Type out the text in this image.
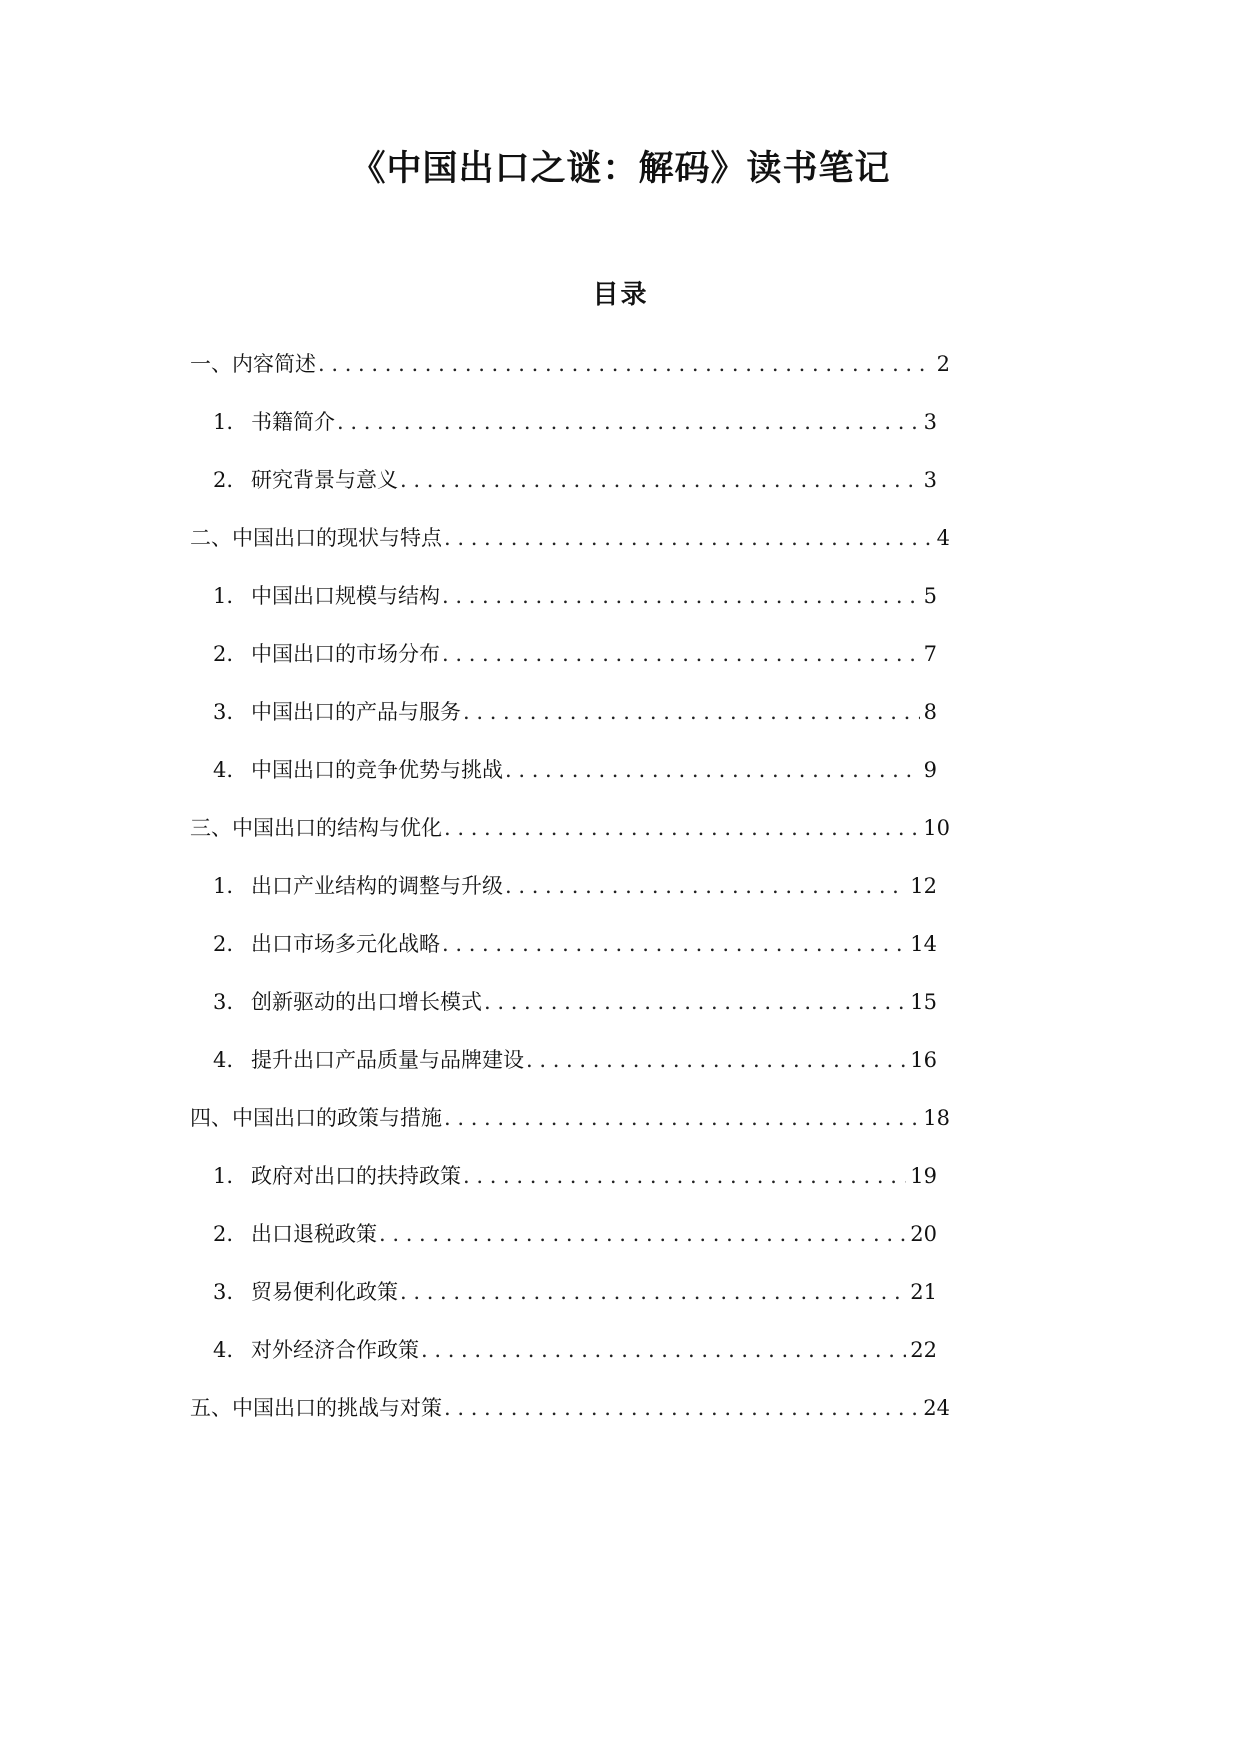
《中国出口之谜：解码》读书笔记
目录
一、内容简述 . . .	2
1. 书籍简介 . . .	3
2. 研究背景与意义 . . .	3
二、中国出口的现状与特点 . . .	4
1. 中国出口规模与结构 . . .	5
2. 中国出口的市场分布 . . .	7
3. 中国出口的产品与服务 . . .	8
4. 中国出口的竞争优势与挑战 . . .	9
三、中国出口的结构与优化 . . .	10
1. 出口产业结构的调整与升级 . . .	12
2. 出口市场多元化战略 . . .	14
3. 创新驱动的出口增长模式 . . .	15
4. 提升出口产品质量与品牌建设 . . .	16
四、中国出口的政策与措施 . . .	18
1. 政府对出口的扶持政策 . . .	19
2. 出口退税政策 . . .	20
3. 贸易便利化政策 . . .	21
4. 对外经济合作政策 . . .	22
五、中国出口的挑战与对策 . . .	24
